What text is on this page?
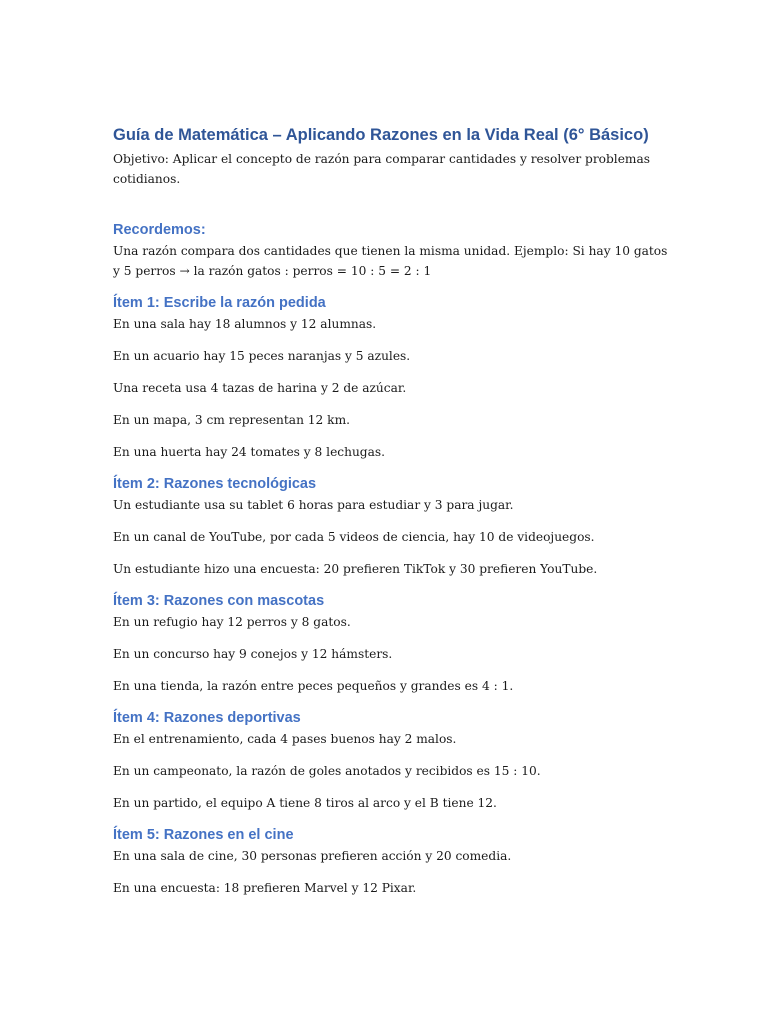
Guía de Matemática – Aplicando Razones en la Vida Real (6° Básico)

Objetivo: Aplicar el concepto de razón para comparar cantidades y resolver problemas cotidianos.

Recordemos:

Una razón compara dos cantidades que tienen la misma unidad. Ejemplo: Si hay 10 gatos y 5 perros → la razón gatos : perros = 10 : 5 = 2 : 1

Ítem 1: Escribe la razón pedida
En una sala hay 18 alumnos y 12 alumnas.
En un acuario hay 15 peces naranjas y 5 azules.
Una receta usa 4 tazas de harina y 2 de azúcar.
En un mapa, 3 cm representan 12 km.
En una huerta hay 24 tomates y 8 lechugas.
Ítem 2: Razones tecnológicas
Un estudiante usa su tablet 6 horas para estudiar y 3 para jugar.
En un canal de YouTube, por cada 5 videos de ciencia, hay 10 de videojuegos.
Un estudiante hizo una encuesta: 20 prefieren TikTok y 30 prefieren YouTube.
Ítem 3: Razones con mascotas
En un refugio hay 12 perros y 8 gatos.
En un concurso hay 9 conejos y 12 hámsters.
En una tienda, la razón entre peces pequeños y grandes es 4 : 1.
Ítem 4: Razones deportivas
En el entrenamiento, cada 4 pases buenos hay 2 malos.
En un campeonato, la razón de goles anotados y recibidos es 15 : 10.
En un partido, el equipo A tiene 8 tiros al arco y el B tiene 12.
Ítem 5: Razones en el cine
En una sala de cine, 30 personas prefieren acción y 20 comedia.
En una encuesta: 18 prefieren Marvel y 12 Pixar.
